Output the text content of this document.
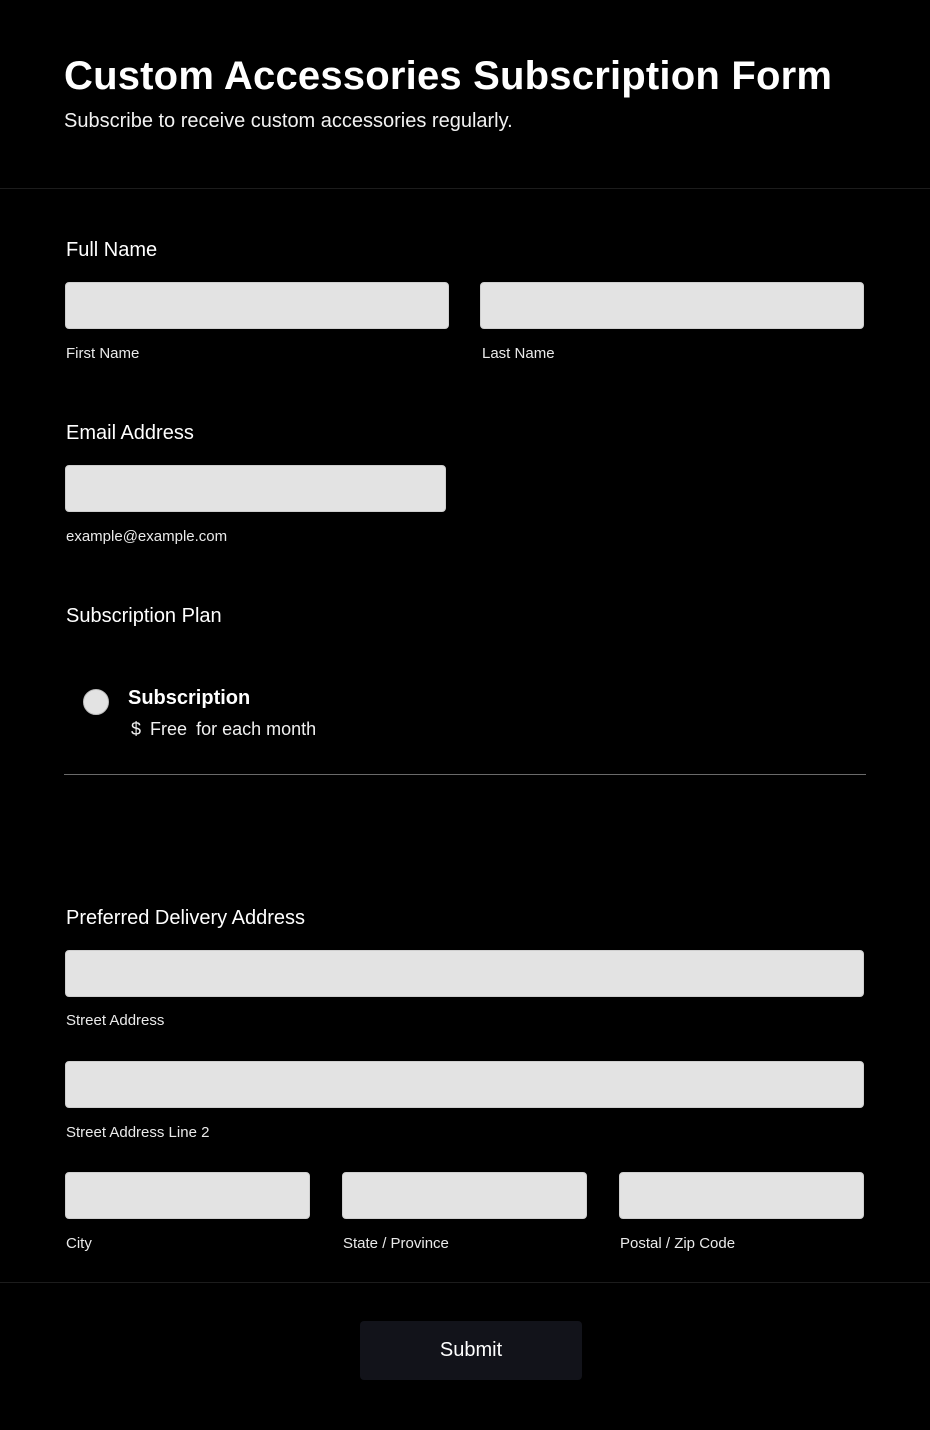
Custom Accessories Subscription Form
Subscribe to receive custom accessories regularly.
Full Name
First Name	Last Name
Email Address
example@example.com
Subscription Plan
Subscription
$ Free for each month
Preferred Delivery Address
Street Address
Street Address Line 2
City	State / Province	Postal / Zip Code
Submit
